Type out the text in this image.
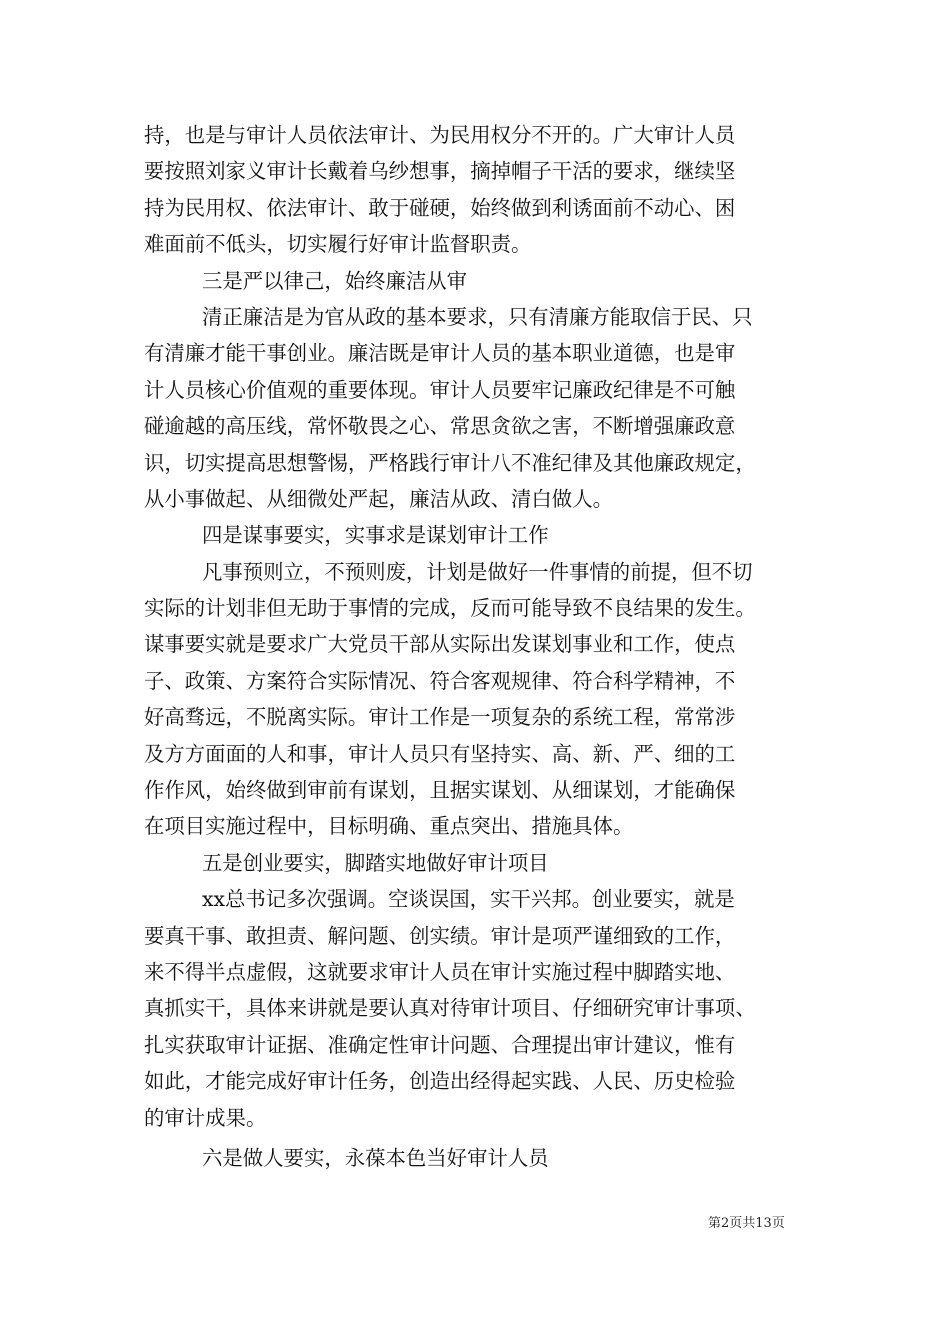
持，也是与审计人员依法审计、为民用权分不开的。广大审计人员
要按照刘家义审计长戴着乌纱想事，摘掉帽子干活的要求，继续坚
持为民用权、依法审计、敢于碰硬，始终做到利诱面前不动心、困
难面前不低头，切实履行好审计监督职责。
三是严以律己，始终廉洁从审
清正廉洁是为官从政的基本要求，只有清廉方能取信于民、只
有清廉才能干事创业。廉洁既是审计人员的基本职业道德，也是审
计人员核心价值观的重要体现。审计人员要牢记廉政纪律是不可触
碰逾越的高压线，常怀敬畏之心、常思贪欲之害，不断增强廉政意
识，切实提高思想警惕，严格践行审计八不准纪律及其他廉政规定，
从小事做起、从细微处严起，廉洁从政、清白做人。
四是谋事要实，实事求是谋划审计工作
凡事预则立，不预则废，计划是做好一件事情的前提，但不切
实际的计划非但无助于事情的完成，反而可能导致不良结果的发生。
谋事要实就是要求广大党员干部从实际出发谋划事业和工作，使点
子、政策、方案符合实际情况、符合客观规律、符合科学精神，不
好高骛远，不脱离实际。审计工作是一项复杂的系统工程，常常涉
及方方面面的人和事，审计人员只有坚持实、高、新、严、细的工
作作风，始终做到审前有谋划，且据实谋划、从细谋划，才能确保
在项目实施过程中，目标明确、重点突出、措施具体。
五是创业要实，脚踏实地做好审计项目
xx总书记多次强调。空谈误国，实干兴邦。创业要实，就是
要真干事、敢担责、解问题、创实绩。审计是项严谨细致的工作，
来不得半点虚假，这就要求审计人员在审计实施过程中脚踏实地、
真抓实干，具体来讲就是要认真对待审计项目、仔细研究审计事项、
扎实获取审计证据、准确定性审计问题、合理提出审计建议，惟有
如此，才能完成好审计任务，创造出经得起实践、人民、历史检验
的审计成果。
六是做人要实，永葆本色当好审计人员
第2页共13页
